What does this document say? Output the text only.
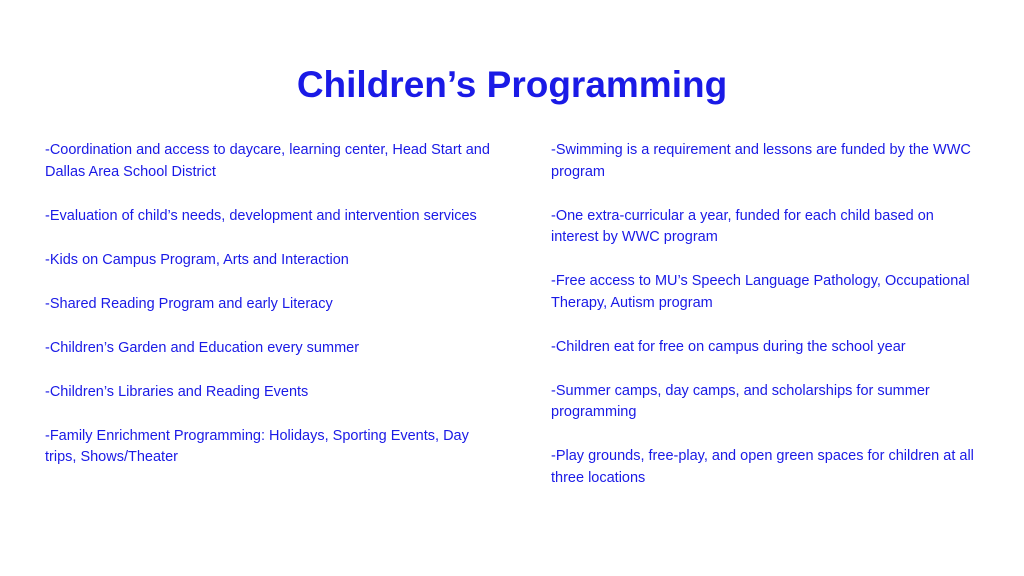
Children’s Programming

-Coordination and access to daycare, learning center, Head Start and Dallas Area School District

-Evaluation of child’s needs, development and intervention services

-Kids on Campus Program, Arts and Interaction

-Shared Reading Program and early Literacy

-Children’s Garden and Education every summer

-Children’s Libraries and Reading Events

-Family Enrichment Programming: Holidays, Sporting Events, Day trips, Shows/Theater

-Swimming is a requirement and lessons are funded by the WWC program

-One extra-curricular a year, funded for each child based on interest by WWC program

-Free access to MU’s Speech Language Pathology, Occupational Therapy, Autism program

-Children eat for free on campus during the school year

-Summer camps, day camps, and scholarships for summer programming

-Play grounds, free-play, and open green spaces for children at all three locations
